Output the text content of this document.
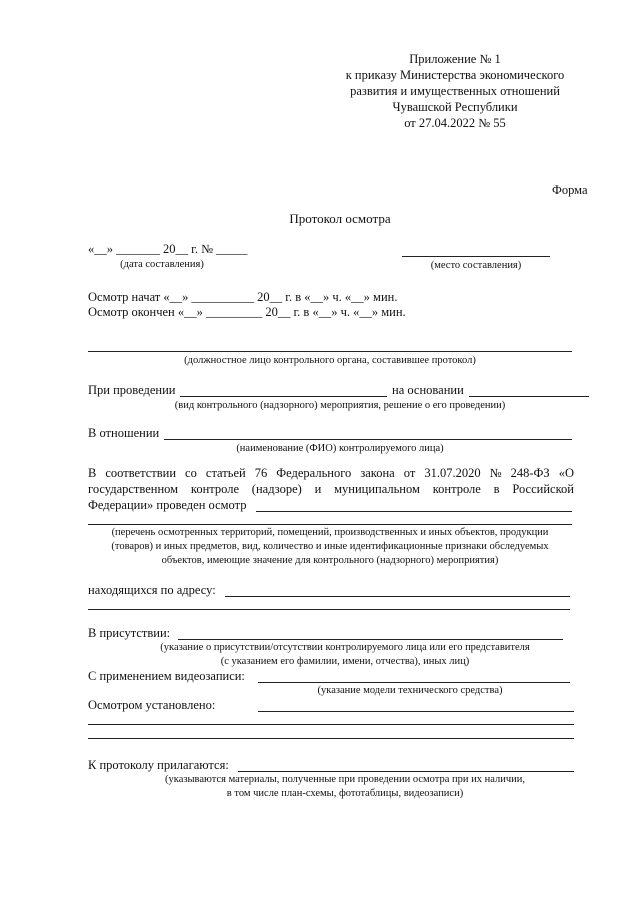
Приложение № 1
к приказу Министерства экономического
развития и имущественных отношений
Чувашской Республики
от 27.04.2022 № 55
Форма
Протокол осмотра
«__» _______ 20__ г. № _____
(дата составления)	(место составления)
Осмотр начат «__» __________ 20__ г. в «__» ч. «__» мин.
Осмотр окончен «__» _________ 20__ г. в «__» ч. «__» мин.
(должностное лицо контрольного органа, составившее протокол)
При проведении	на основании
(вид контрольного (надзорного) мероприятия, решение о его проведении)
В отношении
(наименование (ФИО) контролируемого лица)
В соответствии со статьей 76 Федерального закона от 31.07.2020 № 248-ФЗ «О
государственном контроле (надзоре) и муниципальном контроле в Российской
Федерации» проведен осмотр
(перечень осмотренных территорий, помещений, производственных и иных объектов, продукции
(товаров) и иных предметов, вид, количество и иные идентификационные признаки обследуемых
объектов, имеющие значение для контрольного (надзорного) мероприятия)
находящихся по адресу:
В присутствии:
(указание о присутствии/отсутствии контролируемого лица или его представителя
(с указанием его фамилии, имени, отчества), иных лиц)
С применением видеозаписи:
(указание модели технического средства)
Осмотром установлено:
К протоколу прилагаются:
(указываются материалы, полученные при проведении осмотра при их наличии,
в том числе план-схемы, фототаблицы, видеозаписи)
